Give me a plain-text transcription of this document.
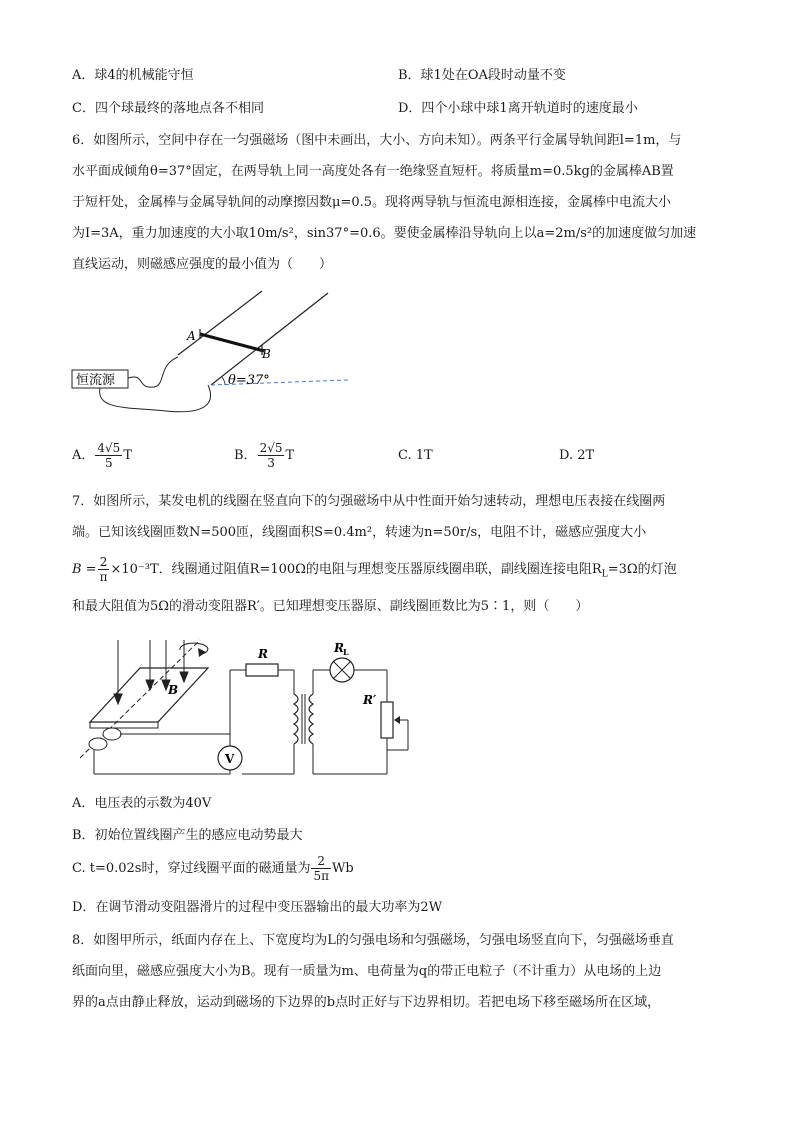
A．球4的机械能守恒	B．球1处在OA段时动量不变
C．四个球最终的落地点各不相同	D．四个小球中球1离开轨道时的速度最小
6．如图所示，空间中存在一匀强磁场（图中未画出，大小、方向未知）。两条平行金属导轨间距l=1m，与
水平面成倾角θ=37°固定，在两导轨上同一高度处各有一绝缘竖直短杆。将质量m=0.5kg的金属棒AB置
于短杆处，金属棒与金属导轨间的动摩擦因数μ=0.5。现将两导轨与恒流电源相连接，金属棒中电流大小
为I=3A，重力加速度的大小取10m/s²，sin37°=0.6。要使金属棒沿导轨向上以a=2m/s²的加速度做匀加速
直线运动，则磁感应强度的最小值为（　　）
A
B
恒流源	θ=37°
A． $\frac{4√5}{5}$ T	B． $\frac{2√5}{3}$ T	C. 1T	D. 2T
7．如图所示，某发电机的线圈在竖直向下的匀强磁场中从中性面开始匀速转动，理想电压表接在线圈两
端。已知该线圈匝数N=500匝，线圈面积S=0.4m²，转速为n=50r/s，电阻不计，磁感应强度大小
$B = \frac{2}{\pi} \times 10^{-3}T$．线圈通过阻值R=100Ω的电阻与理想变压器原线圈串联，副线圈连接电阻$R_L=3\Omega$的灯泡
和最大阻值为5Ω的滑动变阻器R′。已知理想变压器原、副线圈匝数比为5∶1，则（　　）
B
V
R	R L
R′
A．电压表的示数为40V
B．初始位置线圈产生的感应电动势最大
C. t=0.02s时，穿过线圈平面的磁通量为 $\frac{2}{5\pi}$ Wb
D．在调节滑动变阻器滑片的过程中变压器输出的最大功率为2W
8．如图甲所示，纸面内存在上、下宽度均为L的匀强电场和匀强磁场，匀强电场竖直向下，匀强磁场垂直
纸面向里，磁感应强度大小为B。现有一质量为m、电荷量为q的带正电粒子（不计重力）从电场的上边
界的a点由静止释放，运动到磁场的下边界的b点时正好与下边界相切。若把电场下移至磁场所在区域，
